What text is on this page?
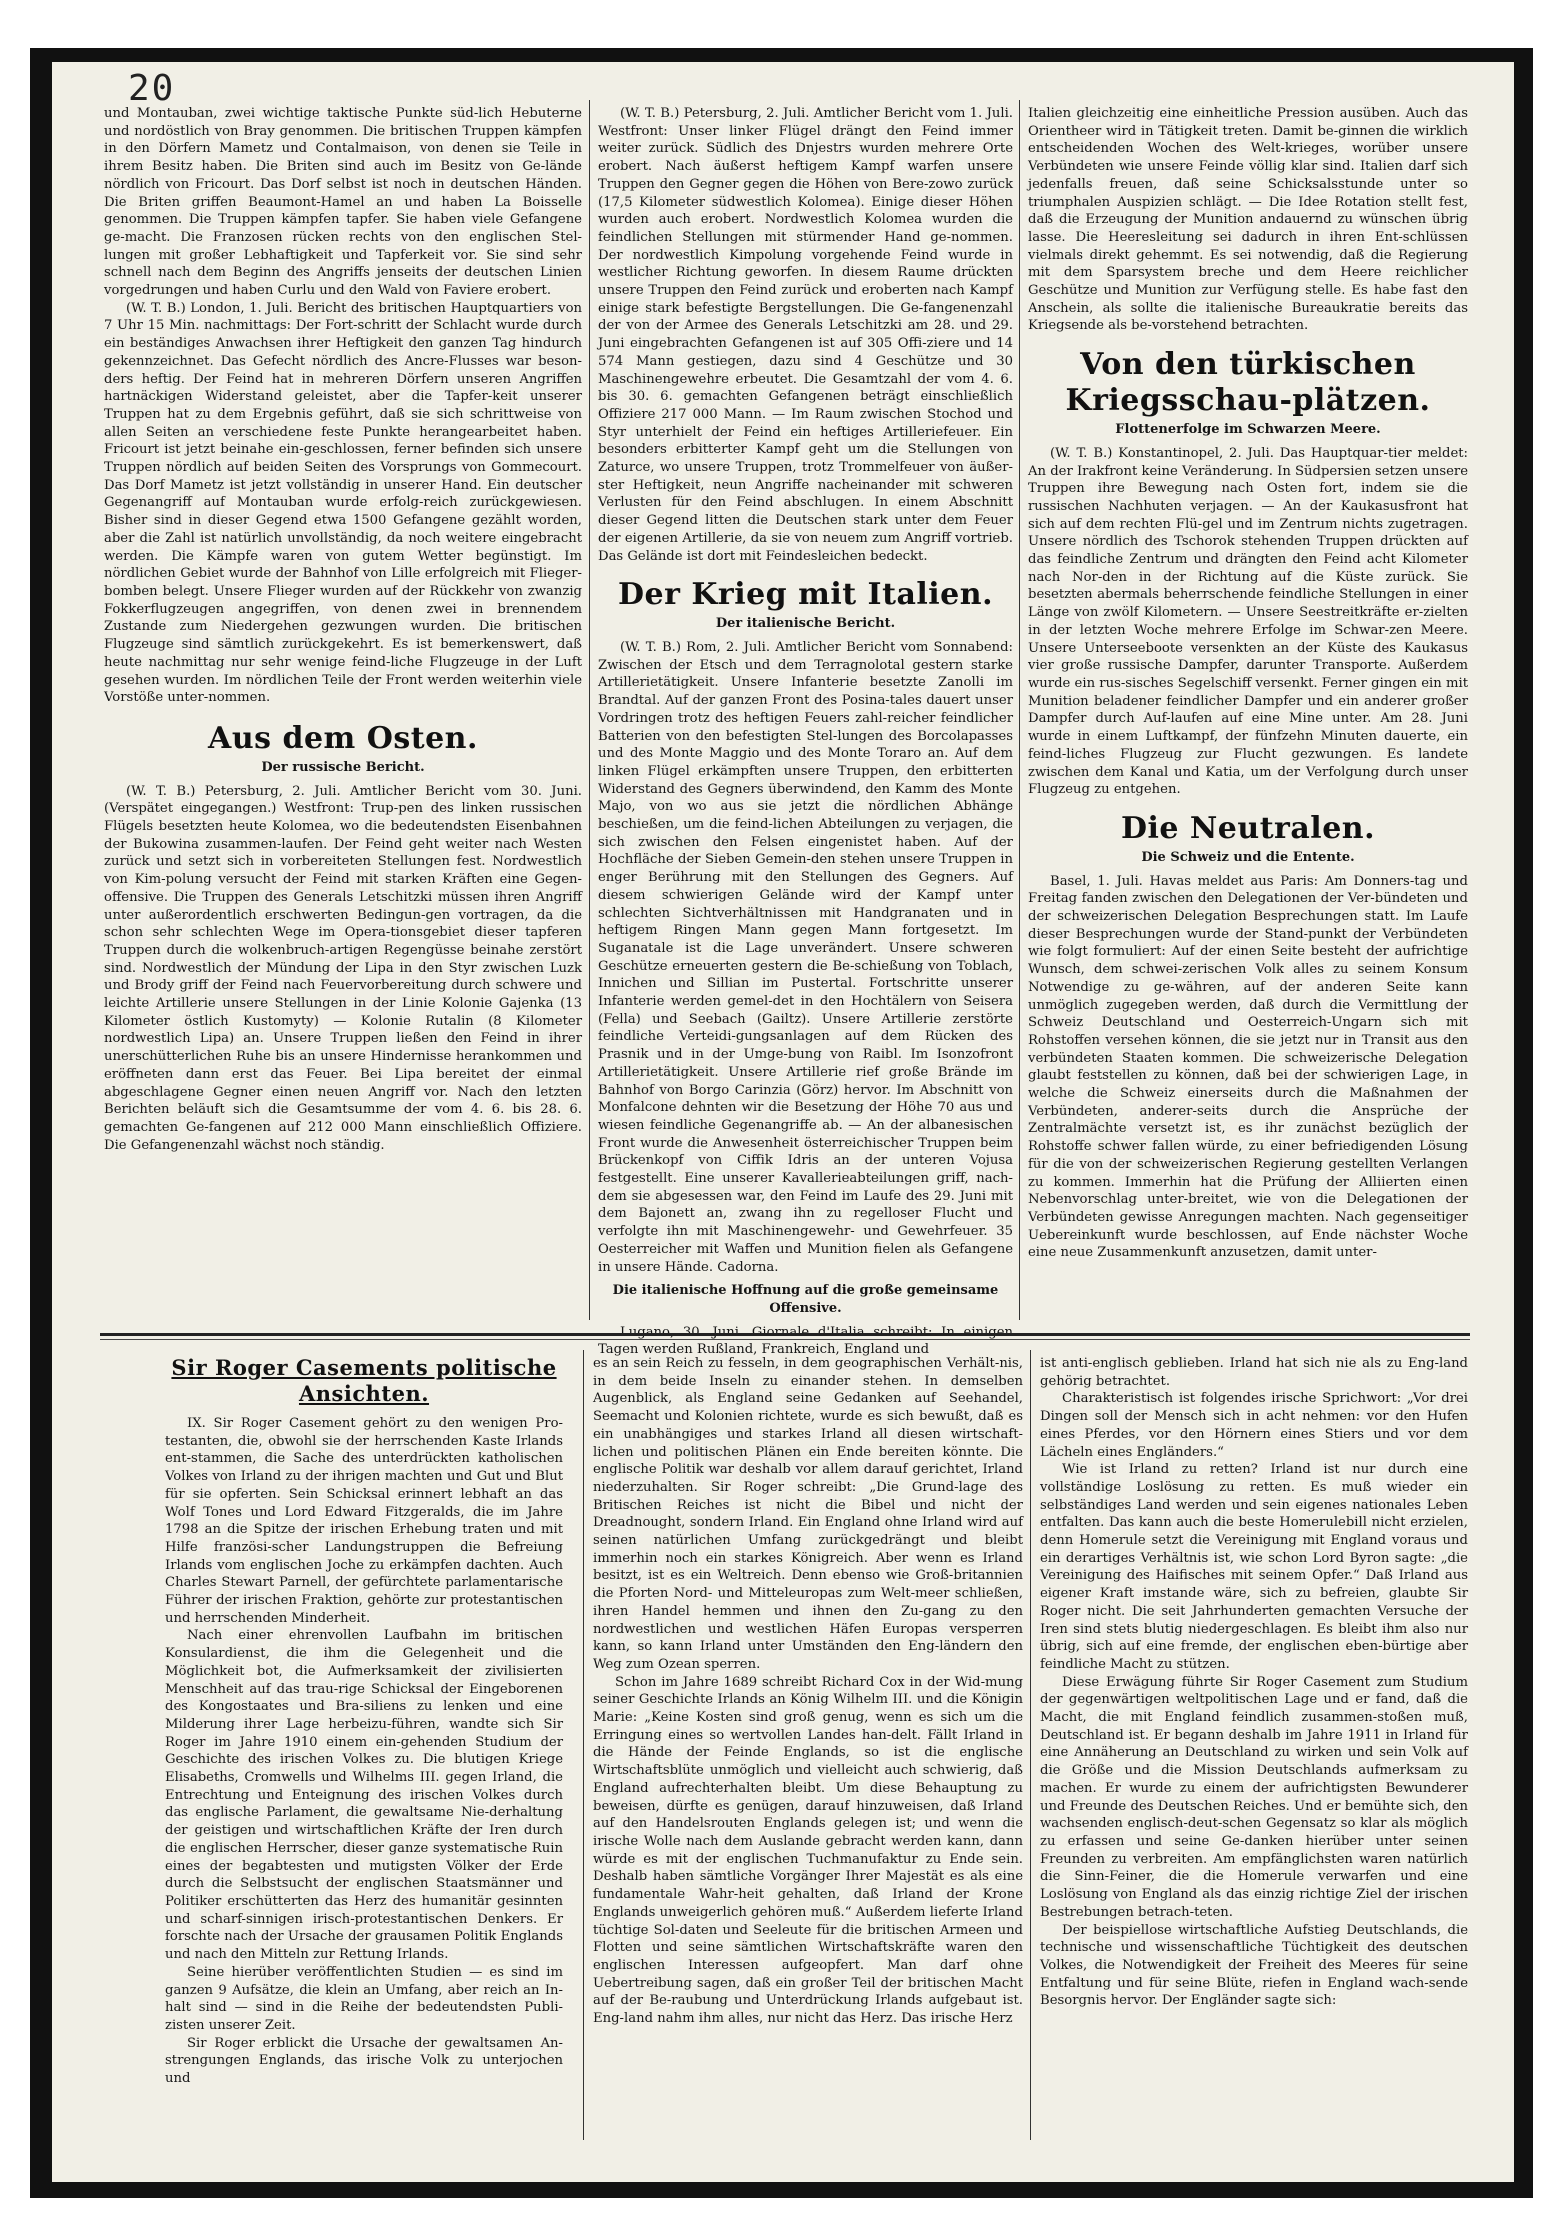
20

und Montauban, zwei wichtige taktische Punkte süd-lich Hebuterne und nordöstlich von Bray genommen. Die britischen Truppen kämpfen in den Dörfern Mametz und Contalmaison, von denen sie Teile in ihrem Besitz haben. Die Briten sind auch im Besitz von Ge-lände nördlich von Fricourt. Das Dorf selbst ist noch in deutschen Händen. Die Briten griffen Beaumont-Hamel an und haben La Boisselle genommen. Die Truppen kämpfen tapfer. Sie haben viele Gefangene ge-macht. Die Franzosen rücken rechts von den englischen Stel-lungen mit großer Lebhaftigkeit und Tapferkeit vor. Sie sind sehr schnell nach dem Beginn des Angriffs jenseits der deutschen Linien vorgedrungen und haben Curlu und den Wald von Faviere erobert.

(W. T. B.) London, 1. Juli. Bericht des britischen Hauptquartiers von 7 Uhr 15 Min. nachmittags: Der Fort-schritt der Schlacht wurde durch ein beständiges Anwachsen ihrer Heftigkeit den ganzen Tag hindurch gekennzeichnet. Das Gefecht nördlich des Ancre-Flusses war beson-ders heftig. Der Feind hat in mehreren Dörfern unseren Angriffen hartnäckigen Widerstand geleistet, aber die Tapfer-keit unserer Truppen hat zu dem Ergebnis geführt, daß sie sich schrittweise von allen Seiten an verschiedene feste Punkte herangearbeitet haben. Fricourt ist jetzt beinahe ein-geschlossen, ferner befinden sich unsere Truppen nördlich auf beiden Seiten des Vorsprungs von Gommecourt. Das Dorf Mametz ist jetzt vollständig in unserer Hand. Ein deutscher Gegenangriff auf Montauban wurde erfolg-reich zurückgewiesen. Bisher sind in dieser Gegend etwa 1500 Gefangene gezählt worden, aber die Zahl ist natürlich unvollständig, da noch weitere eingebracht werden. Die Kämpfe waren von gutem Wetter begünstigt. Im nördlichen Gebiet wurde der Bahnhof von Lille erfolgreich mit Flieger-bomben belegt. Unsere Flieger wurden auf der Rückkehr von zwanzig Fokkerflugzeugen angegriffen, von denen zwei in brennendem Zustande zum Niedergehen gezwungen wurden. Die britischen Flugzeuge sind sämtlich zurückgekehrt. Es ist bemerkenswert, daß heute nachmittag nur sehr wenige feind-liche Flugzeuge in der Luft gesehen wurden. Im nördlichen Teile der Front werden weiterhin viele Vorstöße unter-nommen.

Aus dem Osten.
Der russische Bericht.

(W. T. B.) Petersburg, 2. Juli. Amtlicher Bericht vom 30. Juni. (Verspätet eingegangen.) Westfront: Trup-pen des linken russischen Flügels besetzten heute Kolomea, wo die bedeutendsten Eisenbahnen der Bukowina zusammen-laufen. Der Feind geht weiter nach Westen zurück und setzt sich in vorbereiteten Stellungen fest. Nordwestlich von Kim-polung versucht der Feind mit starken Kräften eine Gegen-offensive. Die Truppen des Generals Letschitzki müssen ihren Angriff unter außerordentlich erschwerten Bedingun-gen vortragen, da die schon sehr schlechten Wege im Opera-tionsgebiet dieser tapferen Truppen durch die wolkenbruch-artigen Regengüsse beinahe zerstört sind. Nordwestlich der Mündung der Lipa in den Styr zwischen Luzk und Brody griff der Feind nach Feuervorbereitung durch schwere und leichte Artillerie unsere Stellungen in der Linie Kolonie Gajenka (13 Kilometer östlich Kustomyty) — Kolonie Rutalin (8 Kilometer nordwestlich Lipa) an. Unsere Truppen ließen den Feind in ihrer unerschütterlichen Ruhe bis an unsere Hindernisse herankommen und eröffneten dann erst das Feuer. Bei Lipa bereitet der einmal abgeschlagene Gegner einen neuen Angriff vor. Nach den letzten Berichten beläuft sich die Gesamtsumme der vom 4. 6. bis 28. 6. gemachten Ge-fangenen auf 212 000 Mann einschließlich Offiziere. Die Gefangenenzahl wächst noch ständig.

(W. T. B.) Petersburg, 2. Juli. Amtlicher Bericht vom 1. Juli. Westfront: Unser linker Flügel drängt den Feind immer weiter zurück. Südlich des Dnjestrs wurden mehrere Orte erobert. Nach äußerst heftigem Kampf warfen unsere Truppen den Gegner gegen die Höhen von Bere-zowo zurück (17,5 Kilometer südwestlich Kolomea). Einige dieser Höhen wurden auch erobert. Nordwestlich Kolomea wurden die feindlichen Stellungen mit stürmender Hand ge-nommen. Der nordwestlich Kimpolung vorgehende Feind wurde in westlicher Richtung geworfen. In diesem Raume drückten unsere Truppen den Feind zurück und eroberten nach Kampf einige stark befestigte Bergstellungen. Die Ge-fangenenzahl der von der Armee des Generals Letschitzki am 28. und 29. Juni eingebrachten Gefangenen ist auf 305 Offi-ziere und 14 574 Mann gestiegen, dazu sind 4 Geschütze und 30 Maschinengewehre erbeutet. Die Gesamtzahl der vom 4. 6. bis 30. 6. gemachten Gefangenen beträgt einschließlich Offiziere 217 000 Mann. — Im Raum zwischen Stochod und Styr unterhielt der Feind ein heftiges Artilleriefeuer. Ein besonders erbitterter Kampf geht um die Stellungen von Zaturce, wo unsere Truppen, trotz Trommelfeuer von äußer-ster Heftigkeit, neun Angriffe nacheinander mit schweren Verlusten für den Feind abschlugen. In einem Abschnitt dieser Gegend litten die Deutschen stark unter dem Feuer der eigenen Artillerie, da sie von neuem zum Angriff vortrieb. Das Gelände ist dort mit Feindesleichen bedeckt.

Der Krieg mit Italien.
Der italienische Bericht.

(W. T. B.) Rom, 2. Juli. Amtlicher Bericht vom Sonnabend: Zwischen der Etsch und dem Terragnolotal gestern starke Artillerietätigkeit. Unsere Infanterie besetzte Zanolli im Brandtal. Auf der ganzen Front des Posina-tales dauert unser Vordringen trotz des heftigen Feuers zahl-reicher feindlicher Batterien von den befestigten Stel-lungen des Borcolapasses und des Monte Maggio und des Monte Toraro an. Auf dem linken Flügel erkämpften unsere Truppen, den erbitterten Widerstand des Gegners überwindend, den Kamm des Monte Majo, von wo aus sie jetzt die nördlichen Abhänge beschießen, um die feind-lichen Abteilungen zu verjagen, die sich zwischen den Felsen eingenistet haben. Auf der Hochfläche der Sieben Gemein-den stehen unsere Truppen in enger Berührung mit den Stellungen des Gegners. Auf diesem schwierigen Gelände wird der Kampf unter schlechten Sichtverhältnissen mit Handgranaten und in heftigem Ringen Mann gegen Mann fortgesetzt. Im Suganatale ist die Lage unverändert. Unsere schweren Geschütze erneuerten gestern die Be-schießung von Toblach, Innichen und Sillian im Pustertal. Fortschritte unserer Infanterie werden gemel-det in den Hochtälern von Seisera (Fella) und Seebach (Gailtz). Unsere Artillerie zerstörte feindliche Verteidi-gungsanlagen auf dem Rücken des Prasnik und in der Umge-bung von Raibl. Im Isonzofront Artillerietätigkeit. Unsere Artillerie rief große Brände im Bahnhof von Borgo Carinzia (Görz) hervor. Im Abschnitt von Monfalcone dehnten wir die Besetzung der Höhe 70 aus und wiesen feindliche Gegenangriffe ab. — An der albanesischen Front wurde die Anwesenheit österreichischer Truppen beim Brückenkopf von Ciffik Idris an der unteren Vojusa festgestellt. Eine unserer Kavallerieabteilungen griff, nach-dem sie abgesessen war, den Feind im Laufe des 29. Juni mit dem Bajonett an, zwang ihn zu regelloser Flucht und verfolgte ihn mit Maschinengewehr- und Gewehrfeuer. 35 Oesterreicher mit Waffen und Munition fielen als Gefangene in unsere Hände. Cadorna.

Die italienische Hoffnung auf die große gemeinsame Offensive.

Tagen werden Rußland, Frankreich, England und

Italien gleichzeitig eine einheitliche Pression ausüben. Auch das Orientheer wird in Tätigkeit treten. Damit be-ginnen die wirklich entscheidenden Wochen des Welt-krieges, worüber unsere Verbündeten wie unsere Feinde völlig klar sind. Italien darf sich jedenfalls freuen, daß seine Schicksalsstunde unter so triumphalen Auspizien schlägt. — Die Idee Rotation stellt fest, daß die Erzeugung der Munition andauernd zu wünschen übrig lasse. Die Heeresleitung sei dadurch in ihren Ent-schlüssen vielmals direkt gehemmt. Es sei notwendig, daß die Regierung mit dem Sparsystem breche und dem Heere reichlicher Geschütze und Munition zur Verfügung stelle. Es habe fast den Anschein, als sollte die italienische Bureaukratie bereits das Kriegsende als be-vorstehend betrachten.

Von den türkischen Kriegsschau-plätzen.
Flottenerfolge im Schwarzen Meere.

(W. T. B.) Konstantinopel, 2. Juli. Das Hauptquar-tier meldet: An der Irakfront keine Veränderung. In Südpersien setzen unsere Truppen ihre Bewegung nach Osten fort, indem sie die russischen Nachhuten verjagen. — An der Kaukasusfront hat sich auf dem rechten Flü-gel und im Zentrum nichts zugetragen. Unsere nördlich des Tschorok stehenden Truppen drückten auf das feindliche Zentrum und drängten den Feind acht Kilometer nach Nor-den in der Richtung auf die Küste zurück. Sie besetzten abermals beherrschende feindliche Stellungen in einer Länge von zwölf Kilometern. — Unsere Seestreitkräfte er-zielten in der letzten Woche mehrere Erfolge im Schwar-zen Meere. Unsere Unterseeboote versenkten an der Küste des Kaukasus vier große russische Dampfer, darunter Transporte. Außerdem wurde ein rus-sisches Segelschiff versenkt. Ferner gingen ein mit Munition beladener feindlicher Dampfer und ein anderer großer Dampfer durch Auf-laufen auf eine Mine unter. Am 28. Juni wurde in einem Luftkampf, der fünfzehn Minuten dauerte, ein feind-liches Flugzeug zur Flucht gezwungen. Es landete zwischen dem Kanal und Katia, um der Verfolgung durch unser Flugzeug zu entgehen.

Die Neutralen.
Die Schweiz und die Entente.

Basel, 1. Juli. Havas meldet aus Paris: Am Donners-tag und Freitag fanden zwischen den Delegationen der Ver-bündeten und der schweizerischen Delegation Besprechungen statt. Im Laufe dieser Besprechungen wurde der Stand-punkt der Verbündeten wie folgt formuliert: Auf der einen Seite besteht der aufrichtige Wunsch, dem schwei-zerischen Volk alles zu seinem Konsum Notwendige zu ge-währen, auf der anderen Seite kann unmöglich zugegeben werden, daß durch die Vermittlung der Schweiz Deutschland und Oesterreich-Ungarn sich mit Rohstoffen versehen können, die sie jetzt nur in Transit aus den verbündeten Staaten kommen. Die schweizerische Delegation glaubt feststellen zu können, daß bei der schwierigen Lage, in welche die Schweiz einerseits durch die Maßnahmen der Verbündeten, anderer-seits durch die Ansprüche der Zentralmächte versetzt ist, es ihr zunächst bezüglich der Rohstoffe schwer fallen würde, zu einer befriedigenden Lösung für die von der schweizerischen Regierung gestellten Verlangen zu kommen. Immerhin hat die Prüfung der Alliierten einen Nebenvorschlag unter-breitet, wie von die Delegationen der Verbündeten gewisse Anregungen machten. Nach gegenseitiger Uebereinkunft wurde beschlossen, auf Ende nächster Woche eine neue Zusammenkunft anzusetzen, damit unter-

Sir Roger Casements politische Ansichten.

IX. Sir Roger Casement gehört zu den wenigen Pro-testanten, die, obwohl sie der herrschenden Kaste Irlands ent-stammen, die Sache des unterdrückten katholischen Volkes von Irland zu der ihrigen machten und Gut und Blut für sie opferten. Sein Schicksal erinnert lebhaft an das Wolf Tones und Lord Edward Fitzgeralds, die im Jahre 1798 an die Spitze der irischen Erhebung traten und mit Hilfe französi-scher Landungstruppen die Befreiung Irlands vom englischen Joche zu erkämpfen dachten. Auch Charles Stewart Parnell, der gefürchtete parlamentarische Führer der irischen Fraktion, gehörte zur protestantischen und herrschenden Minderheit.

Nach einer ehrenvollen Laufbahn im britischen Konsulardienst, die ihm die Gelegenheit und die Möglichkeit bot, die Aufmerksamkeit der zivilisierten Menschheit auf das trau-rige Schicksal der Eingeborenen des Kongostaates und Bra-siliens zu lenken und eine Milderung ihrer Lage herbeizu-führen, wandte sich Sir Roger im Jahre 1910 einem ein-gehenden Studium der Geschichte des irischen Volkes zu. Die blutigen Kriege Elisabeths, Cromwells und Wilhelms III. gegen Irland, die Entrechtung und Enteignung des irischen Volkes durch das englische Parlament, die gewaltsame Nie-derhaltung der geistigen und wirtschaftlichen Kräfte der Iren durch die englischen Herrscher, dieser ganze systematische Ruin eines der begabtesten und mutigsten Völker der Erde durch die Selbstsucht der englischen Staatsmänner und Politiker erschütterten das Herz des humanitär gesinnten und scharf-sinnigen irisch-protestantischen Denkers. Er forschte nach der Ursache der grausamen Politik Englands und nach den Mitteln zur Rettung Irlands.

Seine hierüber veröffentlichten Studien — es sind im ganzen 9 Aufsätze, die klein an Umfang, aber reich an In-halt sind — sind in die Reihe der bedeutendsten Publi-zisten unserer Zeit.

Sir Roger erblickt die Ursache der gewaltsamen An-strengungen Englands, das irische Volk zu unterjochen und

es an sein Reich zu fesseln, in dem geographischen Verhält-nis, in dem beide Inseln zu einander stehen. In demselben Augenblick, als England seine Gedanken auf Seehandel, Seemacht und Kolonien richtete, wurde es sich bewußt, daß es ein unabhängiges und starkes Irland all diesen wirtschaft-lichen und politischen Plänen ein Ende bereiten könnte. Die englische Politik war deshalb vor allem darauf gerichtet, Irland niederzuhalten. Sir Roger schreibt: „Die Grund-lage des Britischen Reiches ist nicht die Bibel und nicht der Dreadnought, sondern Irland. Ein England ohne Irland wird auf seinen natürlichen Umfang zurückgedrängt und bleibt immerhin noch ein starkes Königreich. Aber wenn es Irland besitzt, ist es ein Weltreich. Denn ebenso wie Groß-britannien die Pforten Nord- und Mitteleuropas zum Welt-meer schließen, ihren Handel hemmen und ihnen den Zu-gang zu den nordwestlichen und westlichen Häfen Europas versperren kann, so kann Irland unter Umständen den Eng-ländern den Weg zum Ozean sperren.

Schon im Jahre 1689 schreibt Richard Cox in der Wid-mung seiner Geschichte Irlands an König Wilhelm III. und die Königin Marie: „Keine Kosten sind groß genug, wenn es sich um die Erringung eines so wertvollen Landes han-delt. Fällt Irland in die Hände der Feinde Englands, so ist die englische Wirtschaftsblüte unmöglich und vielleicht auch schwierig, daß England aufrechterhalten bleibt. Um diese Behauptung zu beweisen, dürfte es genügen, darauf hinzuweisen, daß Irland auf den Handelsrouten Englands gelegen ist; und wenn die irische Wolle nach dem Auslande gebracht werden kann, dann würde es mit der englischen Tuchmanufaktur zu Ende sein. Deshalb haben sämtliche Vorgänger Ihrer Majestät es als eine fundamentale Wahr-heit gehalten, daß Irland der Krone Englands unweigerlich gehören muß.“ Außerdem lieferte Irland tüchtige Sol-daten und Seeleute für die britischen Armeen und Flotten und seine sämtlichen Wirtschaftskräfte waren den englischen Interessen aufgeopfert. Man darf ohne Uebertreibung sagen, daß ein großer Teil der britischen Macht auf der Be-raubung und Unterdrückung Irlands aufgebaut ist. Eng-land nahm ihm alles, nur nicht das Herz. Das irische Herz

ist anti-englisch geblieben. Irland hat sich nie als zu Eng-land gehörig betrachtet.

Charakteristisch ist folgendes irische Sprichwort: „Vor drei Dingen soll der Mensch sich in acht nehmen: vor den Hufen eines Pferdes, vor den Hörnern eines Stiers und vor dem Lächeln eines Engländers.“

Wie ist Irland zu retten? Irland ist nur durch eine vollständige Loslösung zu retten. Es muß wieder ein selbständiges Land werden und sein eigenes nationales Leben entfalten. Das kann auch die beste Homerulebill nicht erzielen, denn Homerule setzt die Vereinigung mit England voraus und ein derartiges Verhältnis ist, wie schon Lord Byron sagte: „die Vereinigung des Haifisches mit seinem Opfer.“ Daß Irland aus eigener Kraft imstande wäre, sich zu befreien, glaubte Sir Roger nicht. Die seit Jahrhunderten gemachten Versuche der Iren sind stets blutig niedergeschlagen. Es bleibt ihm also nur übrig, sich auf eine fremde, der englischen eben-bürtige aber feindliche Macht zu stützen.

Diese Erwägung führte Sir Roger Casement zum Studium der gegenwärtigen weltpolitischen Lage und er fand, daß die Macht, die mit England feindlich zusammen-stoßen muß, Deutschland ist. Er begann deshalb im Jahre 1911 in Irland für eine Annäherung an Deutschland zu wirken und sein Volk auf die Größe und die Mission Deutschlands aufmerksam zu machen. Er wurde zu einem der aufrichtigsten Bewunderer und Freunde des Deutschen Reiches. Und er bemühte sich, den wachsenden englisch-deut-schen Gegensatz so klar als möglich zu erfassen und seine Ge-danken hierüber unter seinen Freunden zu verbreiten. Am empfänglichsten waren natürlich die Sinn-Feiner, die die Homerule verwarfen und eine Loslösung von England als das einzig richtige Ziel der irischen Bestrebungen betrach-teten.

Der beispiellose wirtschaftliche Aufstieg Deutschlands, die technische und wissenschaftliche Tüchtigkeit des deutschen Volkes, die Notwendigkeit der Freiheit des Meeres für seine Entfaltung und für seine Blüte, riefen in England wach-sende Besorgnis hervor. Der Engländer sagte sich:
